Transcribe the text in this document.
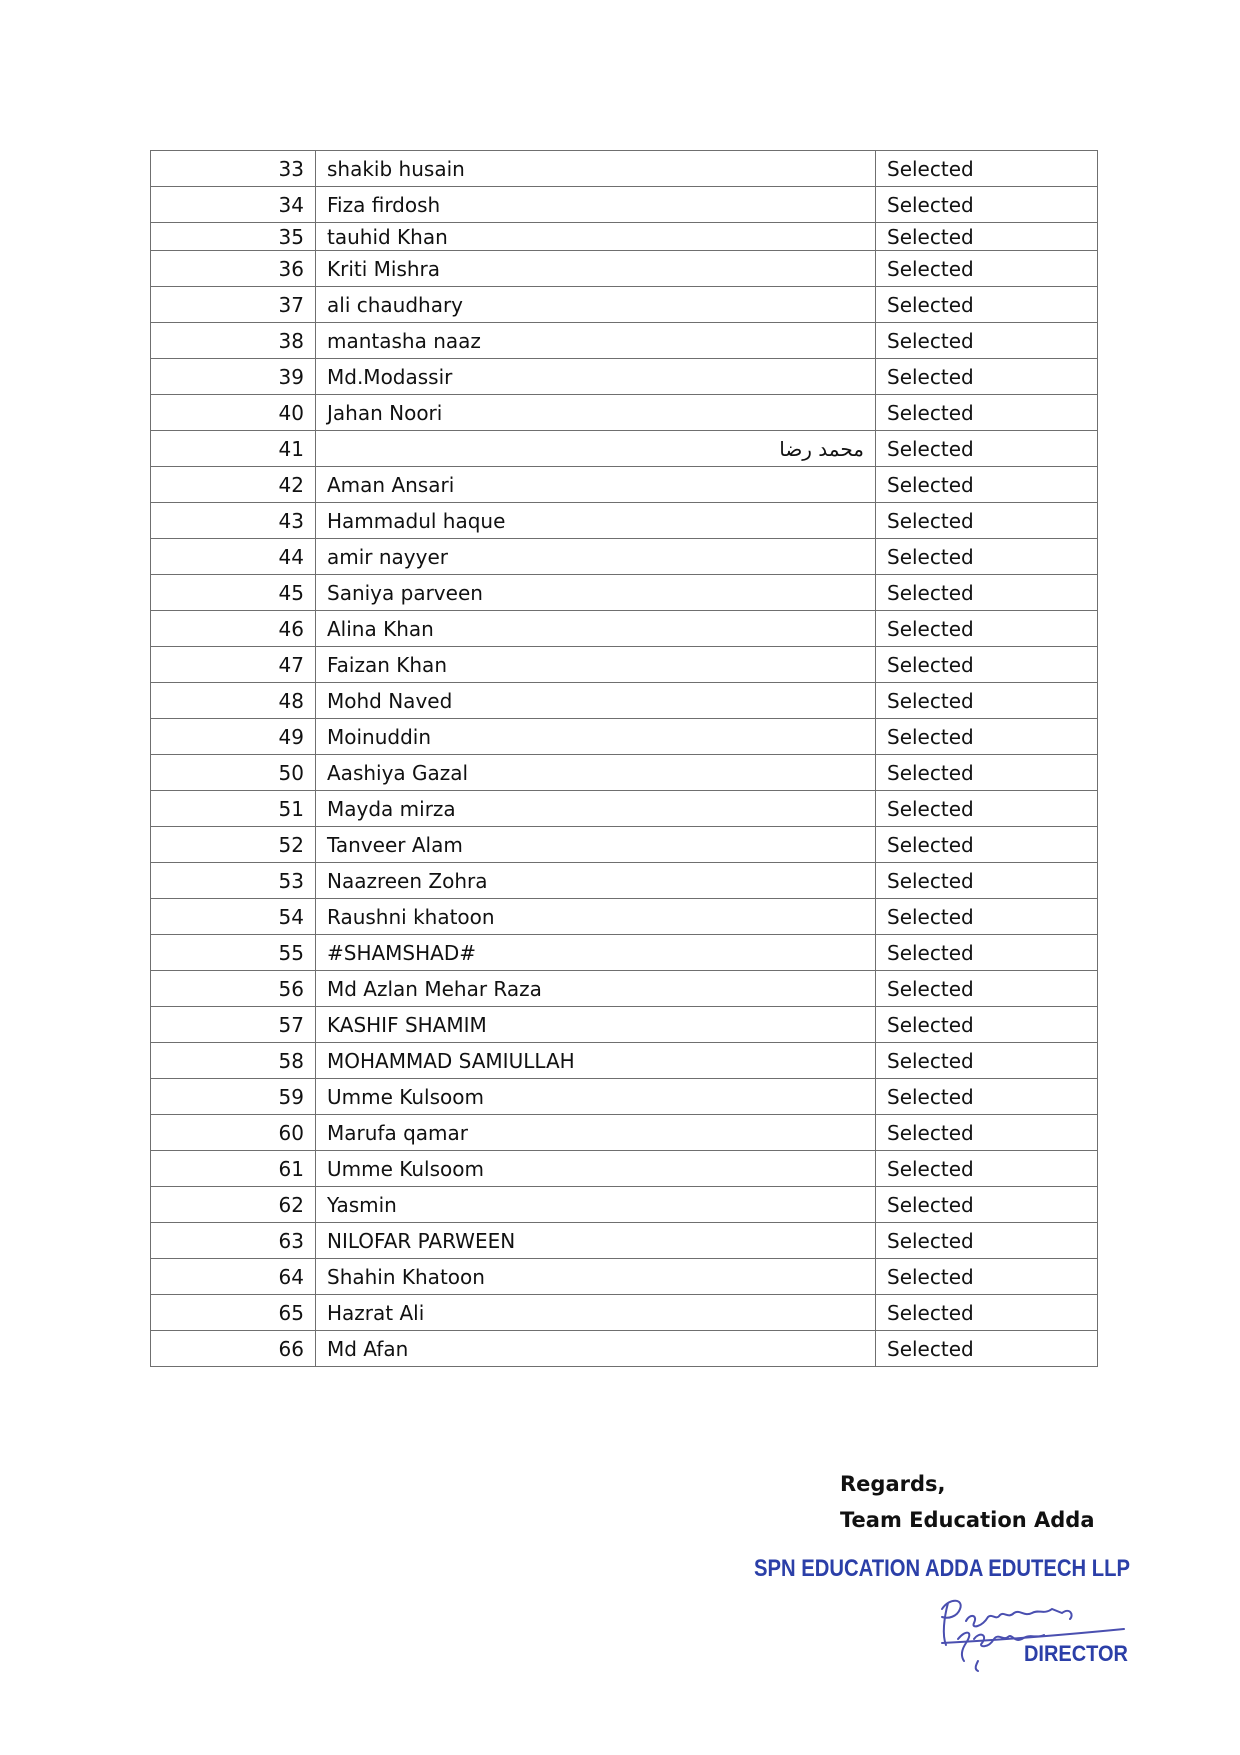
33	shakib husain	Selected
34	Fiza firdosh	Selected
35	tauhid Khan	Selected
36	Kriti Mishra	Selected
37	ali chaudhary	Selected
38	mantasha naaz	Selected
39	Md.Modassir	Selected
40	Jahan Noori	Selected
41	محمد رضا	Selected
42	Aman Ansari	Selected
43	Hammadul haque	Selected
44	amir nayyer	Selected
45	Saniya parveen	Selected
46	Alina Khan	Selected
47	Faizan Khan	Selected
48	Mohd Naved	Selected
49	Moinuddin	Selected
50	Aashiya Gazal	Selected
51	Mayda mirza	Selected
52	Tanveer Alam	Selected
53	Naazreen Zohra	Selected
54	Raushni khatoon	Selected
55	#SHAMSHAD#	Selected
56	Md Azlan Mehar Raza	Selected
57	KASHIF SHAMIM	Selected
58	MOHAMMAD SAMIULLAH	Selected
59	Umme Kulsoom	Selected
60	Marufa qamar	Selected
61	Umme Kulsoom	Selected
62	Yasmin	Selected
63	NILOFAR PARWEEN	Selected
64	Shahin Khatoon	Selected
65	Hazrat Ali	Selected
66	Md Afan	Selected
Regards,
Team Education Adda
SPN EDUCATION ADDA EDUTECH LLP
DIRECTOR
